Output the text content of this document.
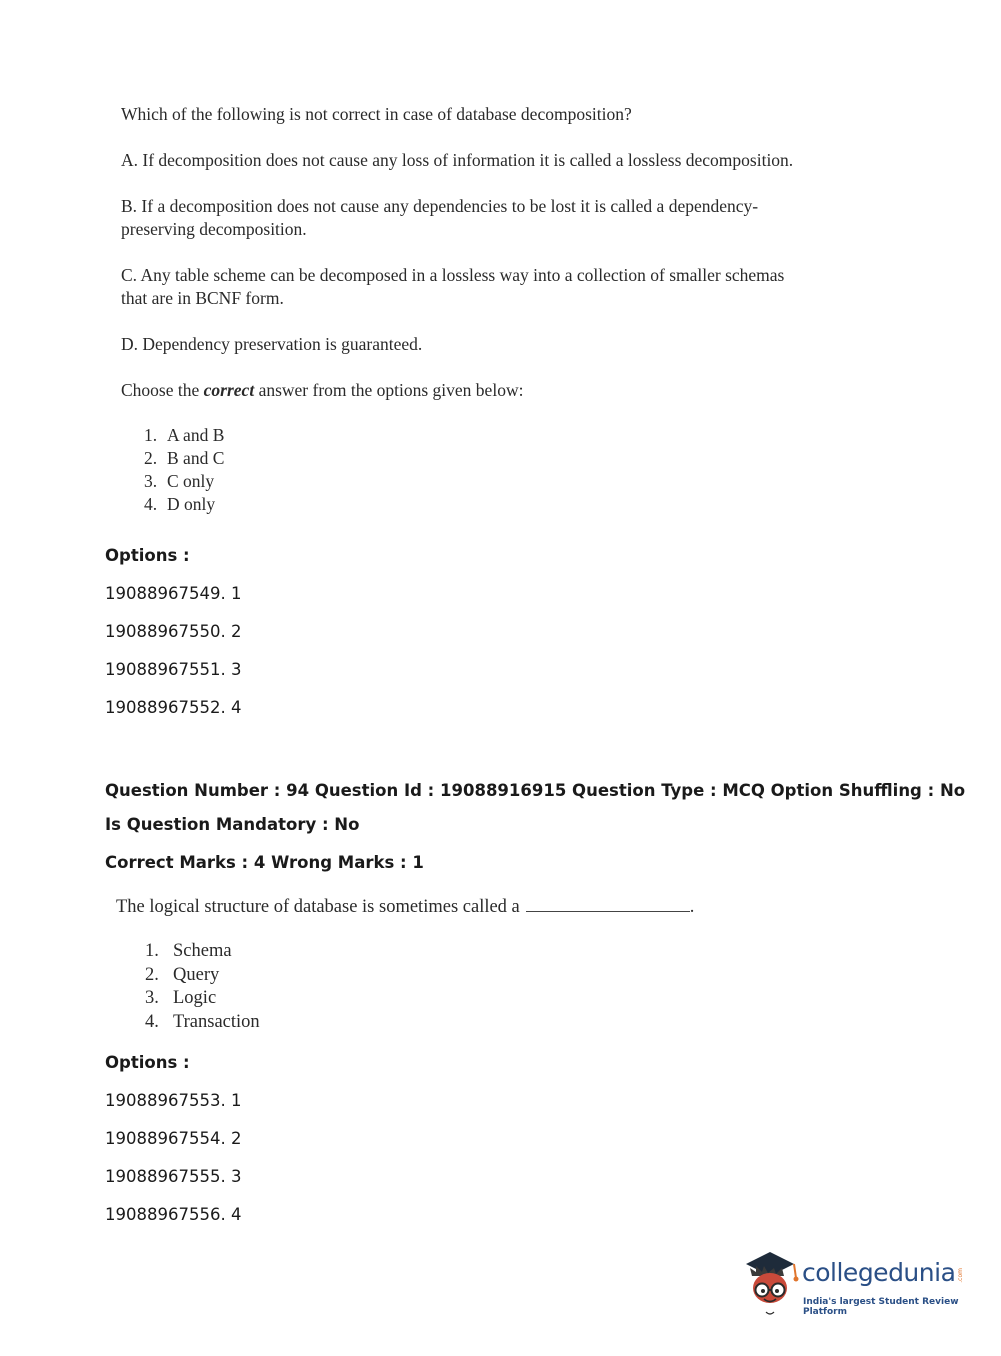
Which of the following is not correct in case of database decomposition?
A. If decomposition does not cause any loss of information it is called a lossless decomposition.
B. If a decomposition does not cause any dependencies to be lost it is called a dependency-
preserving decomposition.
C. Any table scheme can be decomposed in a lossless way into a collection of smaller schemas
that are in BCNF form.
D. Dependency preservation is guaranteed.
Choose the correct answer from the options given below:
1. A and B
2. B and C
3. C only
4. D only
Options :
19088967549. 1
19088967550. 2
19088967551. 3
19088967552. 4
Question Number : 94 Question Id : 19088916915 Question Type : MCQ Option Shuffling : No
Is Question Mandatory : No
Correct Marks : 4 Wrong Marks : 1
The logical structure of database is sometimes called a	.
1. Schema
2. Query
3. Logic
4. Transaction
Options :
19088967553. 1
19088967554. 2
19088967555. 3
19088967556. 4
collegedunia .com
India's largest Student Review Platform
